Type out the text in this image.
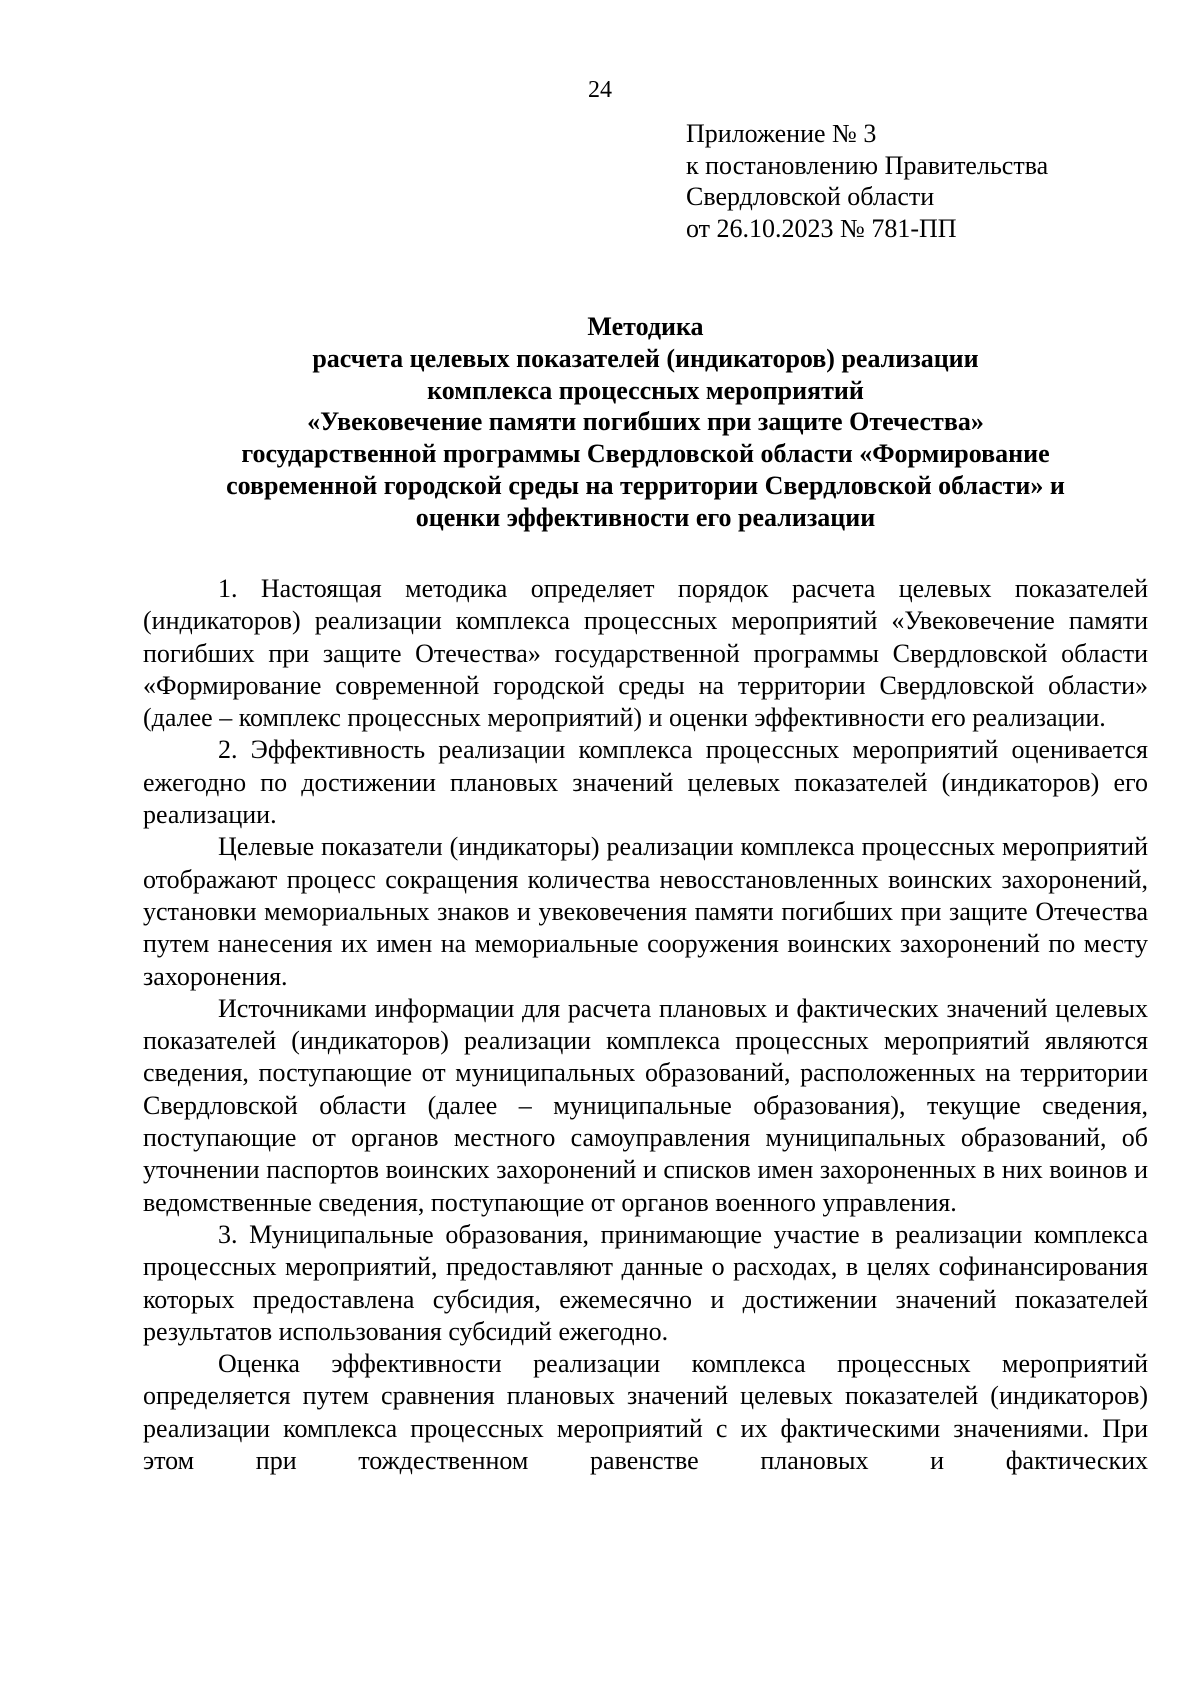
24
Приложение № 3
к постановлению Правительства
Свердловской области
от 26.10.2023 № 781-ПП
Методика
расчета целевых показателей (индикаторов) реализации
комплекса процессных мероприятий
«Увековечение памяти погибших при защите Отечества»
государственной программы Свердловской области «Формирование
современной городской среды на территории Свердловской области» и
оценки эффективности его реализации

1. Настоящая методика определяет порядок расчета целевых показателей (индикаторов) реализации комплекса процессных мероприятий «Увековечение памяти погибших при защите Отечества» государственной программы Свердловской области «Формирование современной городской среды на территории Свердловской области» (далее – комплекс процессных мероприятий) и оценки эффективности его реализации.

2. Эффективность реализации комплекса процессных мероприятий оценивается ежегодно по достижении плановых значений целевых показателей (индикаторов) его реализации.

Целевые показатели (индикаторы) реализации комплекса процессных мероприятий отображают процесс сокращения количества невосстановленных воинских захоронений, установки мемориальных знаков и увековечения памяти погибших при защите Отечества путем нанесения их имен на мемориальные сооружения воинских захоронений по месту захоронения.

Источниками информации для расчета плановых и фактических значений целевых показателей (индикаторов) реализации комплекса процессных мероприятий являются сведения, поступающие от муниципальных образований, расположенных на территории Свердловской области (далее – муниципальные образования), текущие сведения, поступающие от органов местного самоуправления муниципальных образований, об уточнении паспортов воинских захоронений и списков имен захороненных в них воинов и ведомственные сведения, поступающие от органов военного управления.

3. Муниципальные образования, принимающие участие в реализации комплекса процессных мероприятий, предоставляют данные о расходах, в целях софинансирования которых предоставлена субсидия, ежемесячно и достижении значений показателей результатов использования субсидий ежегодно.

Оценка эффективности реализации комплекса процессных мероприятий определяется путем сравнения плановых значений целевых показателей (индикаторов) реализации комплекса процессных мероприятий с их фактическими значениями. При этом при тождественном равенстве плановых и фактических
